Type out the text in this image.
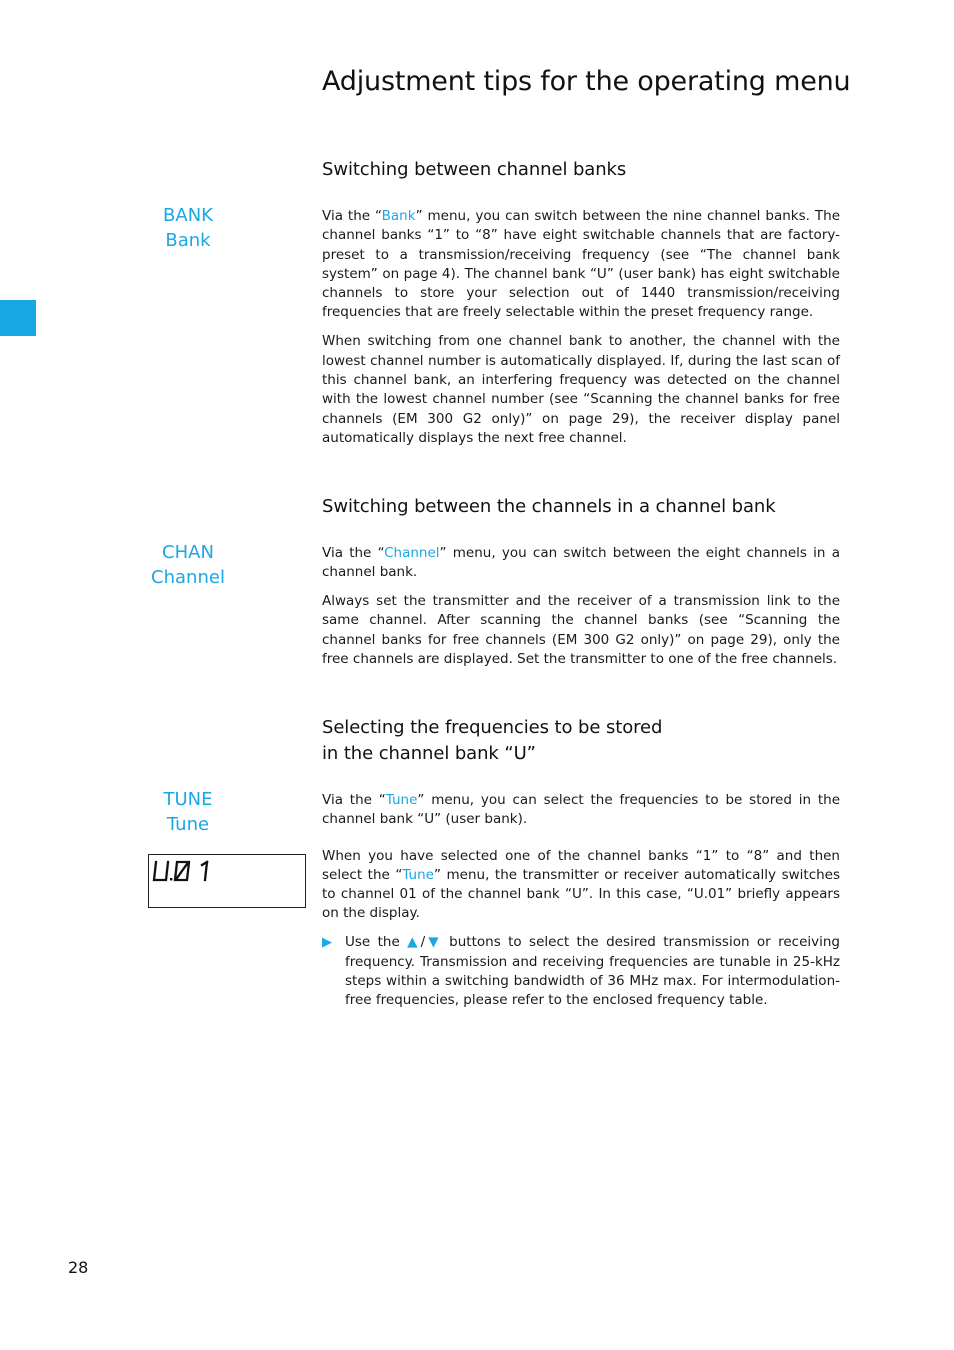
Adjustment tips for the operating menu
Switching between channel banks
BANK
Bank

Via the “Bank” menu, you can switch between the nine channel banks. The channel banks “1” to “8” have eight switchable channels that are factory-preset to a transmission/receiving frequency (see “The channel bank system” on page 4). The channel bank “U” (user bank) has eight switchable channels to store your selection out of 1440 transmission/receiving frequencies that are freely selectable within the preset frequency range.

When switching from one channel bank to another, the channel with the lowest channel number is automatically displayed. If, during the last scan of this channel bank, an interfering frequency was detected on the channel with the lowest channel number (see “Scanning the channel banks for free channels (EM 300 G2 only)” on page 29), the receiver display panel automatically displays the next free channel.

Switching between the channels in a channel bank
CHAN
Channel

Via the “Channel” menu, you can switch between the eight channels in a channel bank.

Always set the transmitter and the receiver of a transmission link to the same channel. After scanning the channel banks (see “Scanning the channel banks for free channels (EM 300 G2 only)” on page 29), only the free channels are displayed. Set the transmitter to one of the free channels.

Selecting the frequencies to be stored
in the channel bank “U”
TUNE
Tune

Via the “Tune” menu, you can select the frequencies to be stored in the channel bank “U” (user bank).

When you have selected one of the channel banks “1” to “8” and then select the “Tune” menu, the transmitter or receiver automatically switches to channel 01 of the channel bank “U”. In this case, “U.01” briefly appears on the display.

▶ Use the ▲/▼ buttons to select the desired transmission or receiving frequency. Transmission and receiving frequencies are tunable in 25-kHz steps within a switching bandwidth of 36 MHz max. For intermodulation-free frequencies, please refer to the enclosed frequency table.

28
